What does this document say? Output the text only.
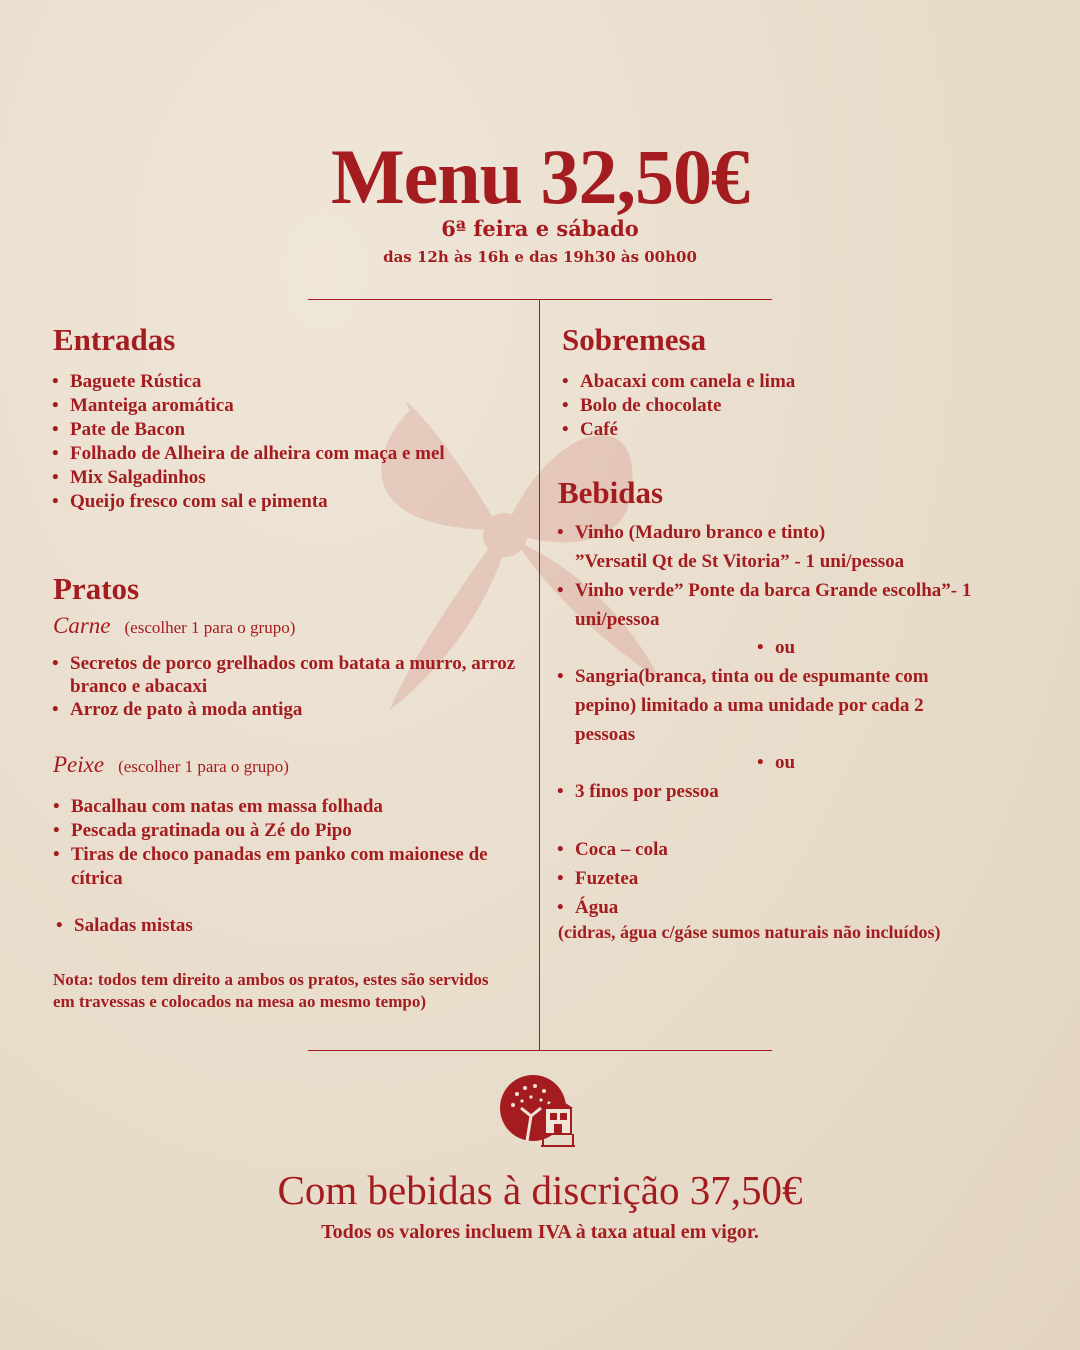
Menu 32,50€
6ª feira e sábado
das 12h às 16h e das 19h30 às 00h00
Entradas
• Baguete Rústica
• Manteiga aromática
• Pate de Bacon
• Folhado de Alheira de alheira com maça e mel
• Mix Salgadinhos
• Queijo fresco com sal e pimenta
Pratos
Carne (escolher 1 para o grupo)
• Secretos de porco grelhados com batata a murro, arroz branco e abacaxi
• Arroz de pato à moda antiga
Peixe (escolher 1 para o grupo)
• Bacalhau com natas em massa folhada
• Pescada gratinada ou à Zé do Pipo
• Tiras de choco panadas em panko com maionese de cítrica
• Saladas mistas
Nota: todos tem direito a ambos os pratos, estes são servidos em travessas e colocados na mesa ao mesmo tempo)
Sobremesa
• Abacaxi com canela e lima
• Bolo de chocolate
• Café
Bebidas
• Vinho (Maduro branco e tinto)
”Versatil Qt de St Vitoria” - 1 uni/pessoa
• Vinho verde” Ponte da barca Grande escolha”- 1 uni/pessoa
• ou
• Sangria(branca, tinta ou de espumante com pepino) limitado a uma unidade por cada 2 pessoas
• ou
• 3 finos por pessoa
• Coca – cola
• Fuzetea
• Água
(cidras, água c/gáse sumos naturais não incluídos)
Com bebidas à discrição 37,50€
Todos os valores incluem IVA à taxa atual em vigor.
